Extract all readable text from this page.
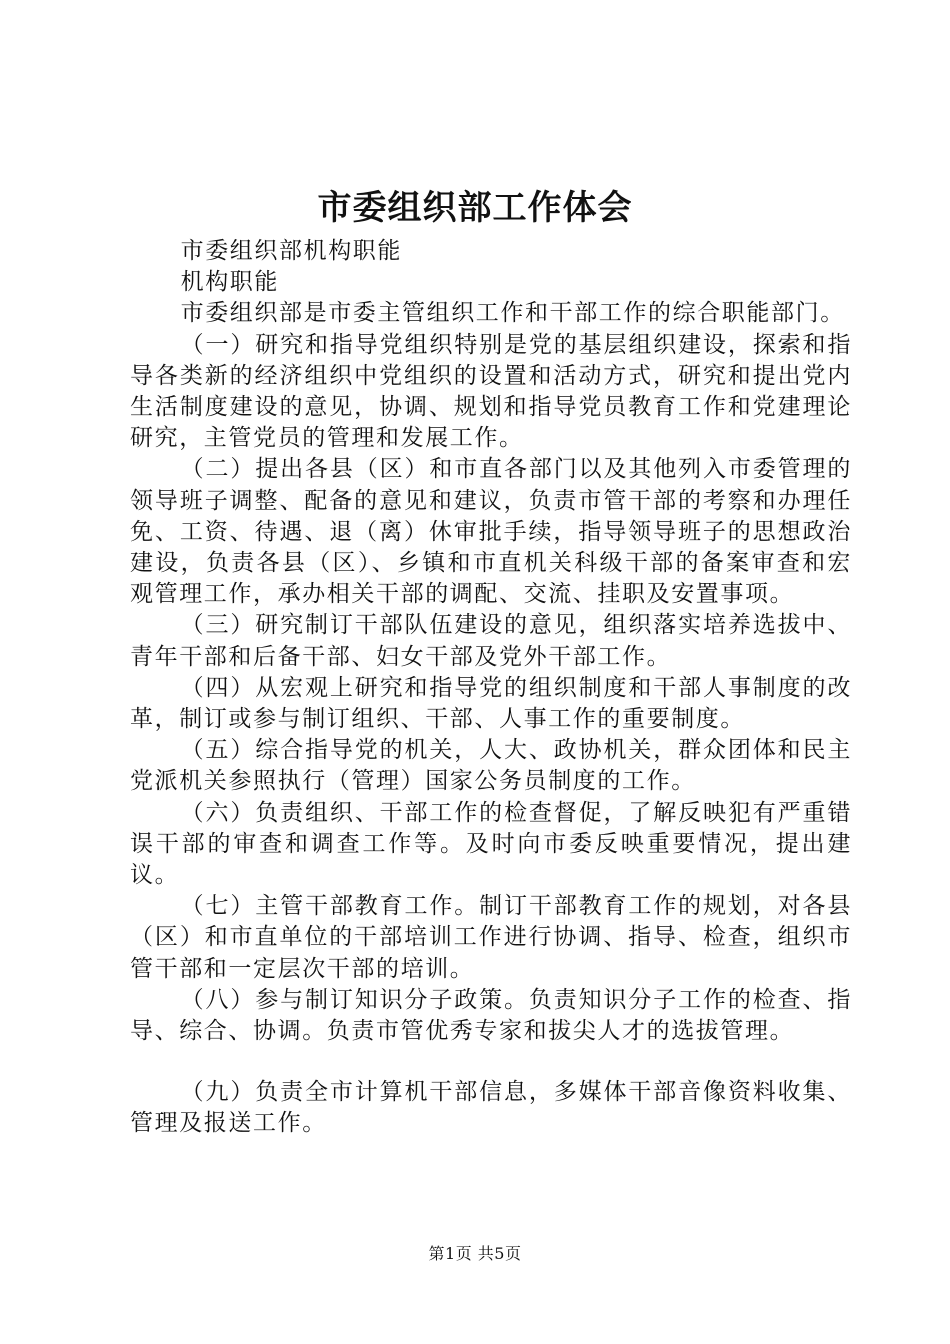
市委组织部工作体会

市委组织部机构职能

机构职能

市委组织部是市委主管组织工作和干部工作的综合职能部门。

（一）研究和指导党组织特别是党的基层组织建设，探索和指导各类新的经济组织中党组织的设置和活动方式，研究和提出党内生活制度建设的意见，协调、规划和指导党员教育工作和党建理论研究，主管党员的管理和发展工作。

（二）提出各县（区）和市直各部门以及其他列入市委管理的领导班子调整、配备的意见和建议，负责市管干部的考察和办理任免、工资、待遇、退（离）休审批手续，指导领导班子的思想政治建设，负责各县（区）、乡镇和市直机关科级干部的备案审查和宏观管理工作，承办相关干部的调配、交流、挂职及安置事项。

（三）研究制订干部队伍建设的意见，组织落实培养选拔中、青年干部和后备干部、妇女干部及党外干部工作。

（四）从宏观上研究和指导党的组织制度和干部人事制度的改革，制订或参与制订组织、干部、人事工作的重要制度。

（五）综合指导党的机关，人大、政协机关，群众团体和民主党派机关参照执行（管理）国家公务员制度的工作。

（六）负责组织、干部工作的检查督促，了解反映犯有严重错误干部的审查和调查工作等。及时向市委反映重要情况，提出建议。

（七）主管干部教育工作。制订干部教育工作的规划，对各县（区）和市直单位的干部培训工作进行协调、指导、检查，组织市管干部和一定层次干部的培训。

（八）参与制订知识分子政策。负责知识分子工作的检查、指导、综合、协调。负责市管优秀专家和拔尖人才的选拔管理。

（九）负责全市计算机干部信息，多媒体干部音像资料收集、管理及报送工作。

第1页 共5页
